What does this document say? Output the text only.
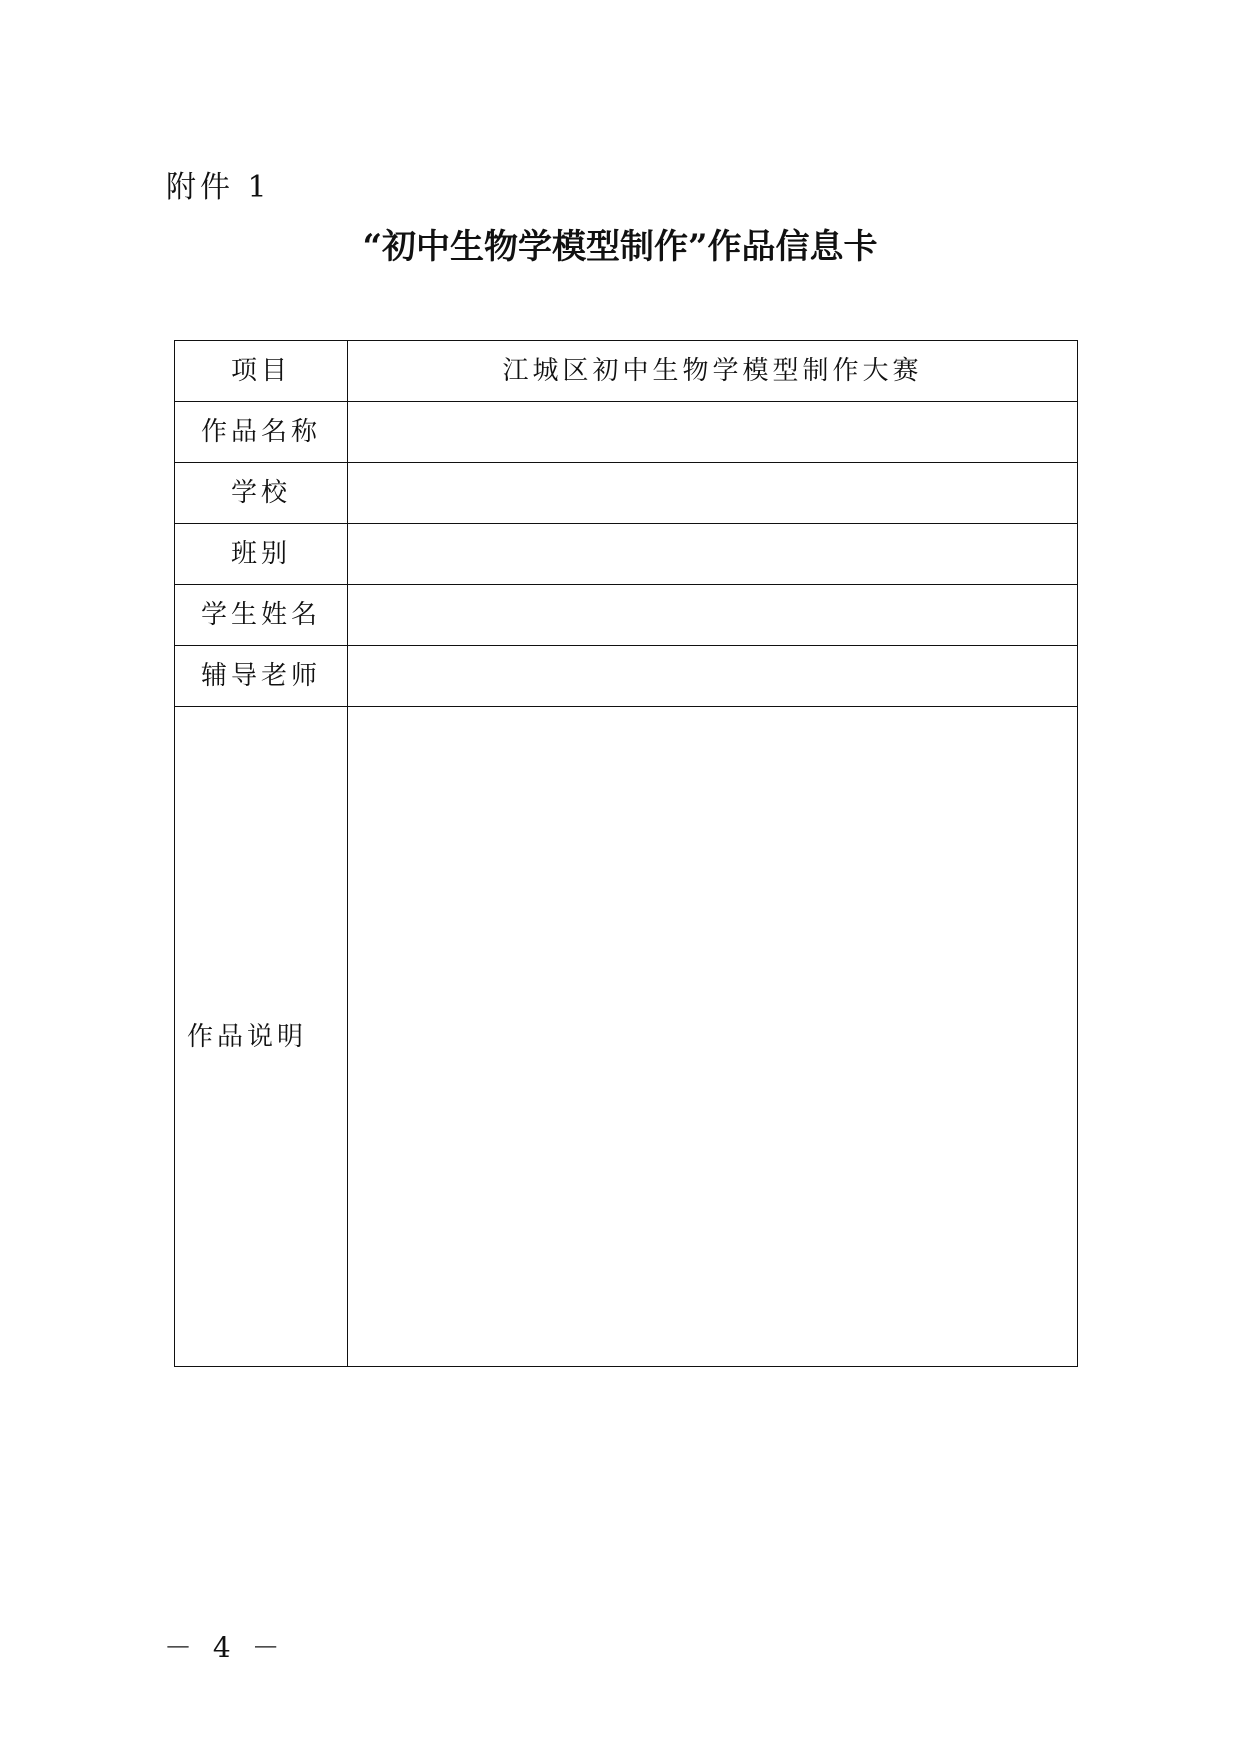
附件 1
“初中生物学模型制作”作品信息卡
项目	江城区初中生物学模型制作大赛
作品名称	
学校	
班别	
学生姓名	
辅导老师	
作品说明	
－ 4 －
